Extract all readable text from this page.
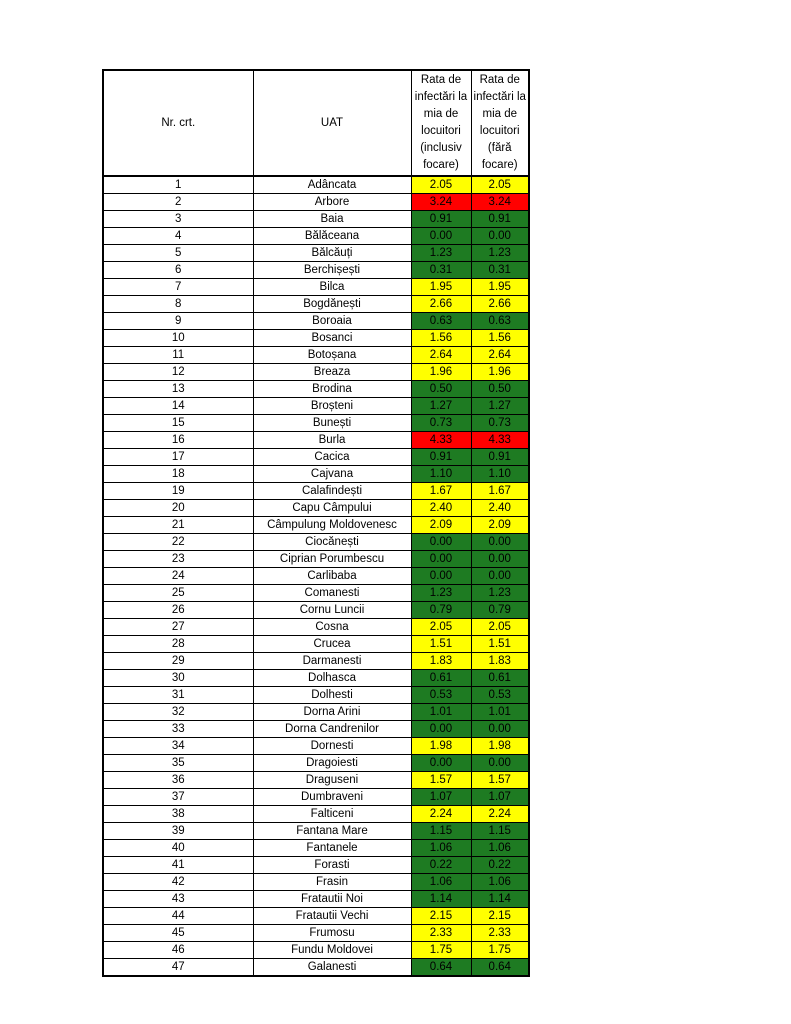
Nr. crt.	UAT	Rata de infectări la mia de locuitori (inclusiv focare)	Rata de infectări la mia de locuitori (fără focare)
1	Adâncata	2.05	2.05
2	Arbore	3.24	3.24
3	Baia	0.91	0.91
4	Bălăceana	0.00	0.00
5	Bălcăuți	1.23	1.23
6	Berchișești	0.31	0.31
7	Bilca	1.95	1.95
8	Bogdănești	2.66	2.66
9	Boroaia	0.63	0.63
10	Bosanci	1.56	1.56
11	Botoșana	2.64	2.64
12	Breaza	1.96	1.96
13	Brodina	0.50	0.50
14	Broșteni	1.27	1.27
15	Bunești	0.73	0.73
16	Burla	4.33	4.33
17	Cacica	0.91	0.91
18	Cajvana	1.10	1.10
19	Calafindești	1.67	1.67
20	Capu Câmpului	2.40	2.40
21	Câmpulung Moldovenesc	2.09	2.09
22	Ciocănești	0.00	0.00
23	Ciprian Porumbescu	0.00	0.00
24	Carlibaba	0.00	0.00
25	Comanesti	1.23	1.23
26	Cornu Luncii	0.79	0.79
27	Cosna	2.05	2.05
28	Crucea	1.51	1.51
29	Darmanesti	1.83	1.83
30	Dolhasca	0.61	0.61
31	Dolhesti	0.53	0.53
32	Dorna Arini	1.01	1.01
33	Dorna Candrenilor	0.00	0.00
34	Dornesti	1.98	1.98
35	Dragoiesti	0.00	0.00
36	Draguseni	1.57	1.57
37	Dumbraveni	1.07	1.07
38	Falticeni	2.24	2.24
39	Fantana Mare	1.15	1.15
40	Fantanele	1.06	1.06
41	Forasti	0.22	0.22
42	Frasin	1.06	1.06
43	Fratautii Noi	1.14	1.14
44	Fratautii Vechi	2.15	2.15
45	Frumosu	2.33	2.33
46	Fundu Moldovei	1.75	1.75
47	Galanesti	0.64	0.64
